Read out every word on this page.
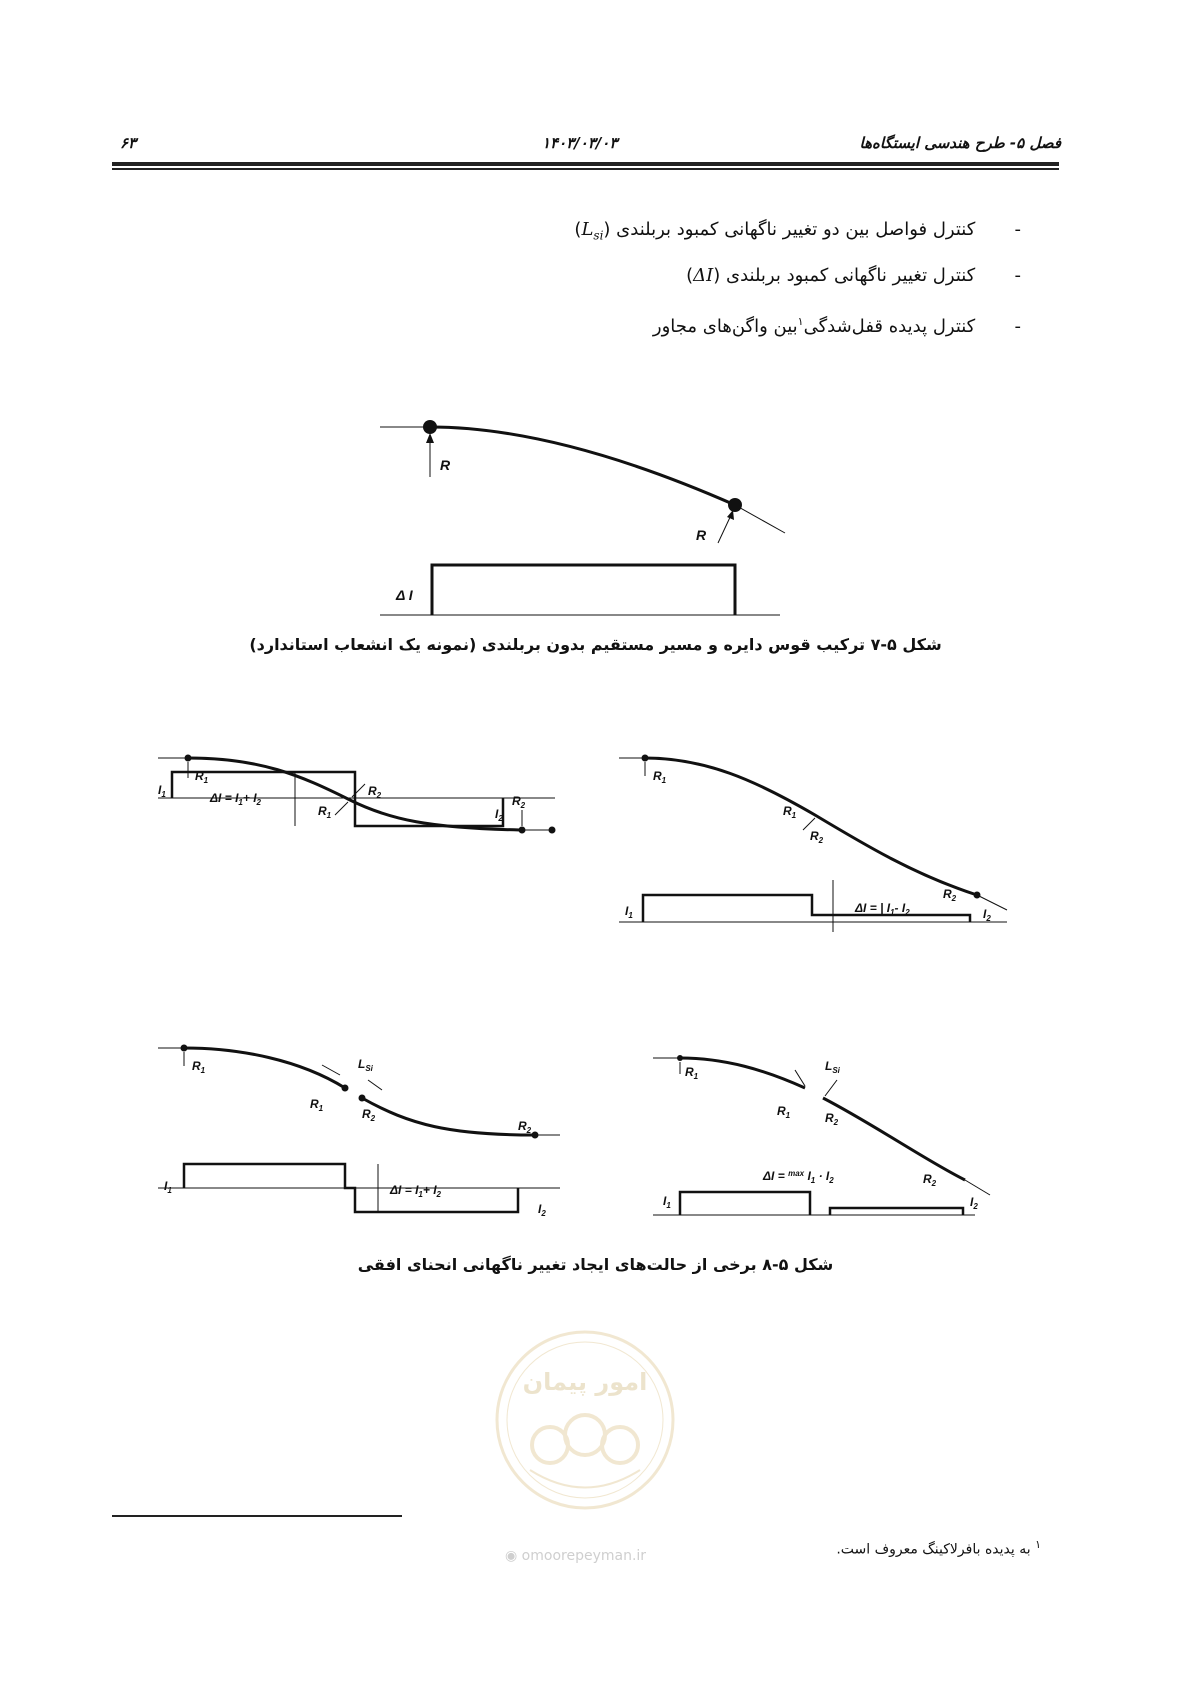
۶۳	۱۴۰۳/۰۳/۰۳	فصل ۵- طرح هندسی ایستگاه‌ها
- کنترل فواصل بین دو تغییر ناگهانی کمبود بربلندی $(L_{si})$
- کنترل تغییر ناگهانی کمبود بربلندی (ΔI)
- کنترل پدیده قفل‌شدگی$^۱$بین واگن‌های مجاور
R
R
Δ I
شکل ۵-۷ ترکیب قوس دایره و مسیر مستقیم بدون بربلندی (نمونه یک انشعاب استاندارد)
$R_1$
$R_1$
$R_2$	$R_2$
$I_1$	$\Delta I = I_1+ I_2$
$I_2$
$R_1$
$R_1$
$R_2$
$R_2$
$I_1$
ΔI = | $I_1-$ $I_2$	$I_2$
$R_1$
$R_1$	$R_2$
$L_{Si}$
$R_2$
$I_1$	$\Delta I = I_1+ I_2$
$I_2$
$R_1$
$R_1$	$R_2$
$L_{Si}$
$R_2$
$I_1$
ΔI = $^{max}$ $I_1 \cdot I_2$
$I_2$
شکل ۵-۸ برخی از حالت‌های ایجاد تغییر ناگهانی انحنای افقی
امور پیمان
◉ omoorepeyman.ir
$^۱$ به پدیده بافرلاکینگ معروف است.
